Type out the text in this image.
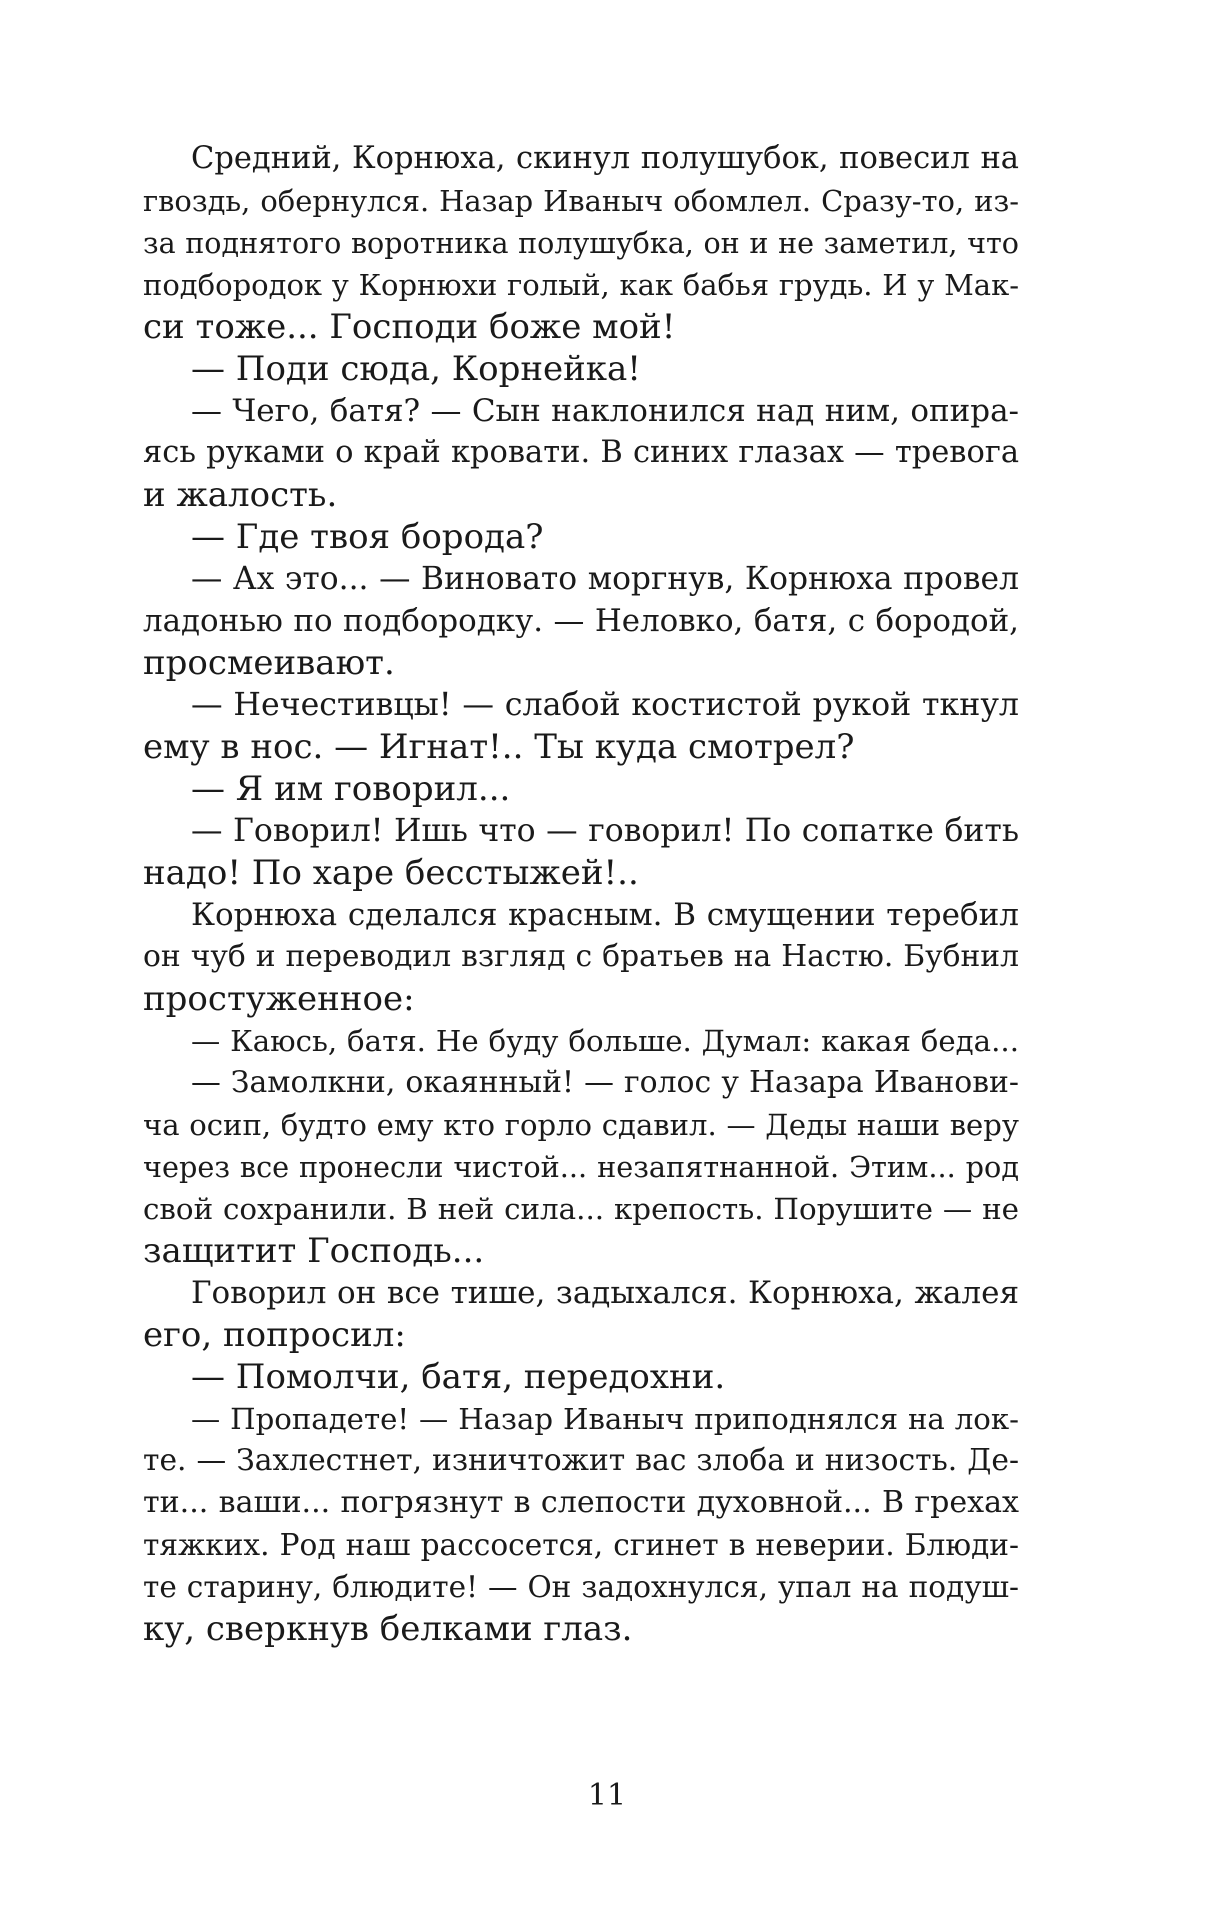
Средний, Корнюха, скинул полушубок, повесил на
гвоздь, обернулся. Назар Иваныч обомлел. Сразу-то, из-
за поднятого воротника полушубка, он и не заметил, что
подбородок у Корнюхи голый, как бабья грудь. И у Мак-
си тоже... Господи боже мой!
— Поди сюда, Корнейка!
— Чего, батя? — Сын наклонился над ним, опира-
ясь руками о край кровати. В синих глазах — тревога
и жалость.
— Где твоя борода?
— Ах это... — Виновато моргнув, Корнюха провел
ладонью по подбородку. — Неловко, батя, с бородой,
просмеивают.
— Нечестивцы! — слабой костистой рукой ткнул
ему в нос. — Игнат!.. Ты куда смотрел?
— Я им говорил...
— Говорил! Ишь что — говорил! По сопатке бить
надо! По харе бесстыжей!..
Корнюха сделался красным. В смущении теребил
он чуб и переводил взгляд с братьев на Настю. Бубнил
простуженное:
— Каюсь, батя. Не буду больше. Думал: какая беда...
— Замолкни, окаянный! — голос у Назара Иванови-
ча осип, будто ему кто горло сдавил. — Деды наши веру
через все пронесли чистой... незапятнанной. Этим... род
свой сохранили. В ней сила... крепость. Порушите — не
защитит Господь...
Говорил он все тише, задыхался. Корнюха, жалея
его, попросил:
— Помолчи, батя, передохни.
— Пропадете! — Назар Иваныч приподнялся на лок-
те. — Захлестнет, изничтожит вас злоба и низость. Де-
ти... ваши... погрязнут в слепости духовной... В грехах
тяжких. Род наш рассосется, сгинет в неверии. Блюди-
те старину, блюдите! — Он задохнулся, упал на подуш-
ку, сверкнув белками глаз.
11
